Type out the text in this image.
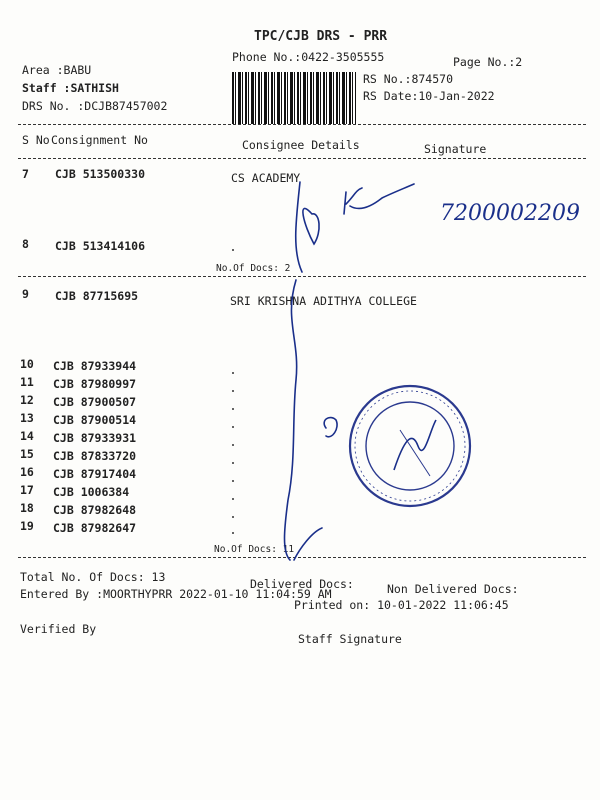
TPC/CJB DRS - PRR
Phone No.:0422-3505555	Page No.:2
Area :BABU
Staff :SATHISH
DRS No. :DCJB87457002
RS No.:874570
RS Date:10-Jan-2022
S No Consignment No	Consignee Details	Signature
7 CJB 513500330	CS ACADEMY
8 CJB 513414106
No.Of Docs: 2
9 CJB 87715695	SRI KRISHNA ADITHYA COLLEGE
10 CJB 87933944
11 CJB 87980997
12 CJB 87900507
13 CJB 87900514
14 CJB 87933931
15 CJB 87833720
16 CJB 87917404
17 CJB 1006384
18 CJB 87982648
19 CJB 87982647
No.Of Docs: 11
Total No. Of Docs: 13	Delivered Docs:	Non Delivered Docs:
Entered By :MOORTHYPRR 2022-01-10 11:04:59 AM
Printed on: 10-01-2022 11:06:45
Verified By
Staff Signature
7200002209
